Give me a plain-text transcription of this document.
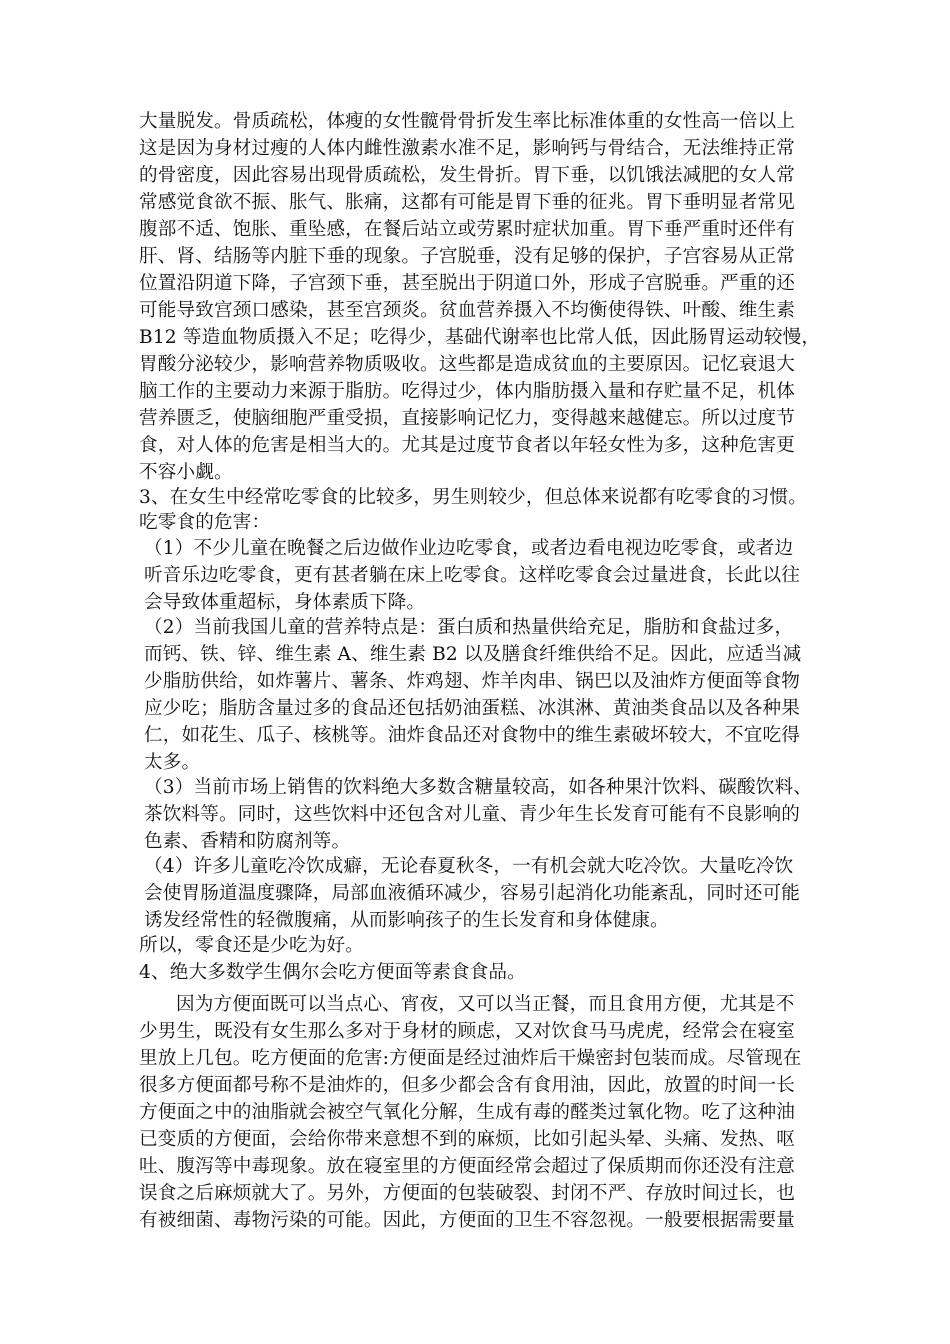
大量脱发。骨质疏松，体瘦的女性髋骨骨折发生率比标准体重的女性高一倍以上
这是因为身材过瘦的人体内雌性激素水准不足，影响钙与骨结合，无法维持正常
的骨密度，因此容易出现骨质疏松，发生骨折。胃下垂，以饥饿法减肥的女人常
常感觉食欲不振、胀气、胀痛，这都有可能是胃下垂的征兆。胃下垂明显者常见
腹部不适、饱胀、重坠感，在餐后站立或劳累时症状加重。胃下垂严重时还伴有
肝、肾、结肠等内脏下垂的现象。子宫脱垂，没有足够的保护，子宫容易从正常
位置沿阴道下降，子宫颈下垂，甚至脱出于阴道口外，形成子宫脱垂。严重的还
可能导致宫颈口感染，甚至宫颈炎。贫血营养摄入不均衡使得铁、叶酸、维生素
B12 等造血物质摄入不足；吃得少，基础代谢率也比常人低，因此肠胃运动较慢，
胃酸分泌较少，影响营养物质吸收。这些都是造成贫血的主要原因。记忆衰退大
脑工作的主要动力来源于脂肪。吃得过少，体内脂肪摄入量和存贮量不足，机体
营养匮乏，使脑细胞严重受损，直接影响记忆力，变得越来越健忘。所以过度节
食，对人体的危害是相当大的。尤其是过度节食者以年轻女性为多，这种危害更
不容小觑。
3、在女生中经常吃零食的比较多，男生则较少，但总体来说都有吃零食的习惯。
吃零食的危害：
（1）不少儿童在晚餐之后边做作业边吃零食，或者边看电视边吃零食，或者边
听音乐边吃零食，更有甚者躺在床上吃零食。这样吃零食会过量进食，长此以往
会导致体重超标，身体素质下降。
（2）当前我国儿童的营养特点是：蛋白质和热量供给充足，脂肪和食盐过多，
而钙、铁、锌、维生素 A、维生素 B2 以及膳食纤维供给不足。因此，应适当减
少脂肪供给，如炸薯片、薯条、炸鸡翅、炸羊肉串、锅巴以及油炸方便面等食物
应少吃；脂肪含量过多的食品还包括奶油蛋糕、冰淇淋、黄油类食品以及各种果
仁，如花生、瓜子、核桃等。油炸食品还对食物中的维生素破坏较大，不宜吃得
太多。
（3）当前市场上销售的饮料绝大多数含糖量较高，如各种果汁饮料、碳酸饮料、
茶饮料等。同时，这些饮料中还包含对儿童、青少年生长发育可能有不良影响的
色素、香精和防腐剂等。
（4）许多儿童吃冷饮成癖，无论春夏秋冬，一有机会就大吃冷饮。大量吃冷饮
会使胃肠道温度骤降，局部血液循环减少，容易引起消化功能紊乱，同时还可能
诱发经常性的轻微腹痛，从而影响孩子的生长发育和身体健康。
所以，零食还是少吃为好。
4、绝大多数学生偶尔会吃方便面等素食食品。
因为方便面既可以当点心、宵夜，又可以当正餐，而且食用方便，尤其是不
少男生，既没有女生那么多对于身材的顾虑，又对饮食马马虎虎，经常会在寝室
里放上几包。吃方便面的危害:方便面是经过油炸后干燥密封包装而成。尽管现在
很多方便面都号称不是油炸的，但多少都会含有食用油，因此，放置的时间一长
方便面之中的油脂就会被空气氧化分解，生成有毒的醛类过氧化物。吃了这种油
已变质的方便面，会给你带来意想不到的麻烦，比如引起头晕、头痛、发热、呕
吐、腹泻等中毒现象。放在寝室里的方便面经常会超过了保质期而你还没有注意
误食之后麻烦就大了。另外，方便面的包装破裂、封闭不严、存放时间过长，也
有被细菌、毒物污染的可能。因此，方便面的卫生不容忽视。一般要根据需要量
